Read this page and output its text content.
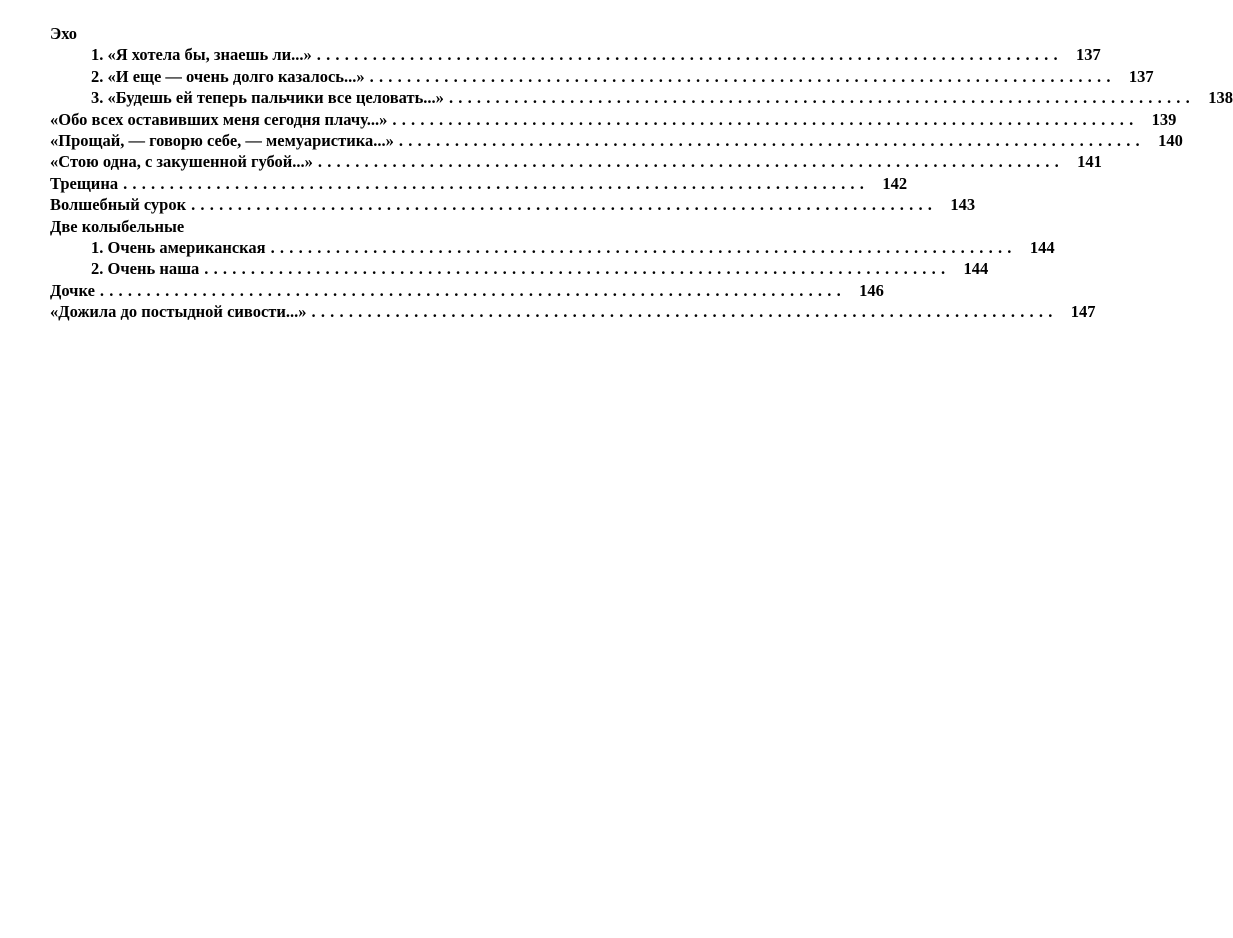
Эхо
1. «Я хотела бы, знаешь ли...» ................................................................................ 137
2. «И еще — очень долго казалось...» ................................................................................ 137
3. «Будешь ей теперь пальчики все целовать...» ................................................................................ 138
«Обо всех оставивших меня сегодня плачу...» ................................................................................ 139
«Прощай, — говорю себе, — мемуаристика...» ................................................................................ 140
«Стою одна, с закушенной губой...» ................................................................................ 141
Трещина ................................................................................ 142
Волшебный сурок ................................................................................ 143
Две колыбельные
1. Очень американская ................................................................................ 144
2. Очень наша ................................................................................ 144
Дочке ................................................................................ 146
«Дожила до постыдной сивости...» ................................................................................ 147
